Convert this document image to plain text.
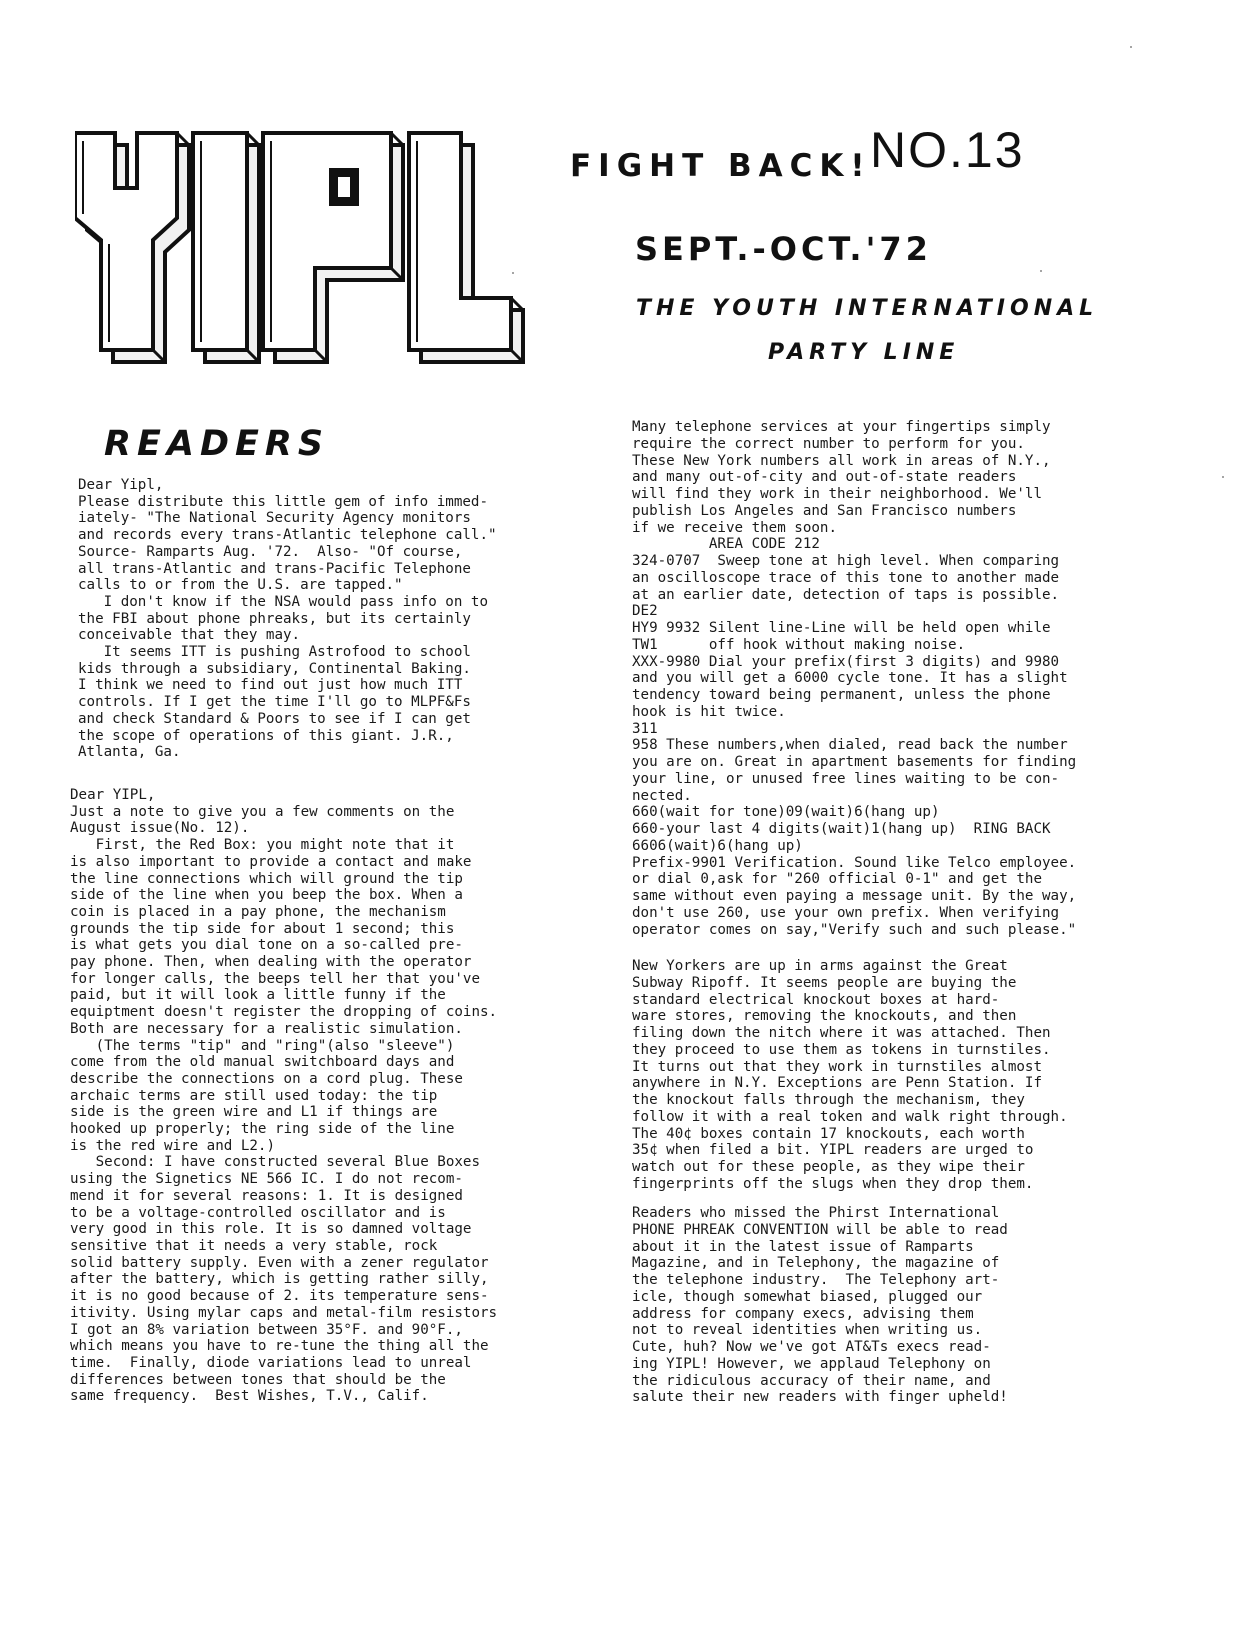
FIGHT BACK!
NO.13
SEPT.-OCT.'72
THE YOUTH INTERNATIONAL
PARTY LINE
READERS
Dear Yipl,
Please distribute this little gem of info immed-
iately- "The National Security Agency monitors
and records every trans-Atlantic telephone call."
Source- Ramparts Aug. '72.  Also- "Of course,
all trans-Atlantic and trans-Pacific Telephone
calls to or from the U.S. are tapped."
I don't know if the NSA would pass info on to
the FBI about phone phreaks, but its certainly
conceivable that they may.
It seems ITT is pushing Astrofood to school
kids through a subsidiary, Continental Baking.
I think we need to find out just how much ITT
controls. If I get the time I'll go to MLPF&Fs
and check Standard & Poors to see if I can get
the scope of operations of this giant. J.R.,
Atlanta, Ga.
Dear YIPL,
Just a note to give you a few comments on the
August issue(No. 12).
First, the Red Box: you might note that it
is also important to provide a contact and make
the line connections which will ground the tip
side of the line when you beep the box. When a
coin is placed in a pay phone, the mechanism
grounds the tip side for about 1 second; this
is what gets you dial tone on a so-called pre-
pay phone. Then, when dealing with the operator
for longer calls, the beeps tell her that you've
paid, but it will look a little funny if the
equiptment doesn't register the dropping of coins.
Both are necessary for a realistic simulation.
(The terms "tip" and "ring"(also "sleeve")
come from the old manual switchboard days and
describe the connections on a cord plug. These
archaic terms are still used today: the tip
side is the green wire and L1 if things are
hooked up properly; the ring side of the line
is the red wire and L2.)
Second: I have constructed several Blue Boxes
using the Signetics NE 566 IC. I do not recom-
mend it for several reasons: 1. It is designed
to be a voltage-controlled oscillator and is
very good in this role. It is so damned voltage
sensitive that it needs a very stable, rock
solid battery supply. Even with a zener regulator
after the battery, which is getting rather silly,
it is no good because of 2. its temperature sens-
itivity. Using mylar caps and metal-film resistors
I got an 8% variation between 35°F. and 90°F.,
which means you have to re-tune the thing all the
time.  Finally, diode variations lead to unreal
differences between tones that should be the
same frequency.  Best Wishes, T.V., Calif.
Many telephone services at your fingertips simply
require the correct number to perform for you.
These New York numbers all work in areas of N.Y.,
and many out-of-city and out-of-state readers
will find they work in their neighborhood. We'll
publish Los Angeles and San Francisco numbers
if we receive them soon.
AREA CODE 212
324-0707  Sweep tone at high level. When comparing
an oscilloscope trace of this tone to another made
at an earlier date, detection of taps is possible.
DE2
HY9 9932 Silent line-Line will be held open while
TW1      off hook without making noise.
XXX-9980 Dial your prefix(first 3 digits) and 9980
and you will get a 6000 cycle tone. It has a slight
tendency toward being permanent, unless the phone
hook is hit twice.
311
958 These numbers,when dialed, read back the number
you are on. Great in apartment basements for finding
your line, or unused free lines waiting to be con-
nected.
660(wait for tone)09(wait)6(hang up)
660-your last 4 digits(wait)1(hang up)  RING BACK
6606(wait)6(hang up)
Prefix-9901 Verification. Sound like Telco employee.
or dial 0,ask for "260 official 0-1" and get the
same without even paying a message unit. By the way,
don't use 260, use your own prefix. When verifying
operator comes on say,"Verify such and such please."
New Yorkers are up in arms against the Great
Subway Ripoff. It seems people are buying the
standard electrical knockout boxes at hard-
ware stores, removing the knockouts, and then
filing down the nitch where it was attached. Then
they proceed to use them as tokens in turnstiles.
It turns out that they work in turnstiles almost
anywhere in N.Y. Exceptions are Penn Station. If
the knockout falls through the mechanism, they
follow it with a real token and walk right through.
The 40¢ boxes contain 17 knockouts, each worth
35¢ when filed a bit. YIPL readers are urged to
watch out for these people, as they wipe their
fingerprints off the slugs when they drop them.
Readers who missed the Phirst International
PHONE PHREAK CONVENTION will be able to read
about it in the latest issue of Ramparts
Magazine, and in Telephony, the magazine of
the telephone industry.  The Telephony art-
icle, though somewhat biased, plugged our
address for company execs, advising them
not to reveal identities when writing us.
Cute, huh? Now we've got AT&Ts execs read-
ing YIPL! However, we applaud Telephony on
the ridiculous accuracy of their name, and
salute their new readers with finger upheld!
